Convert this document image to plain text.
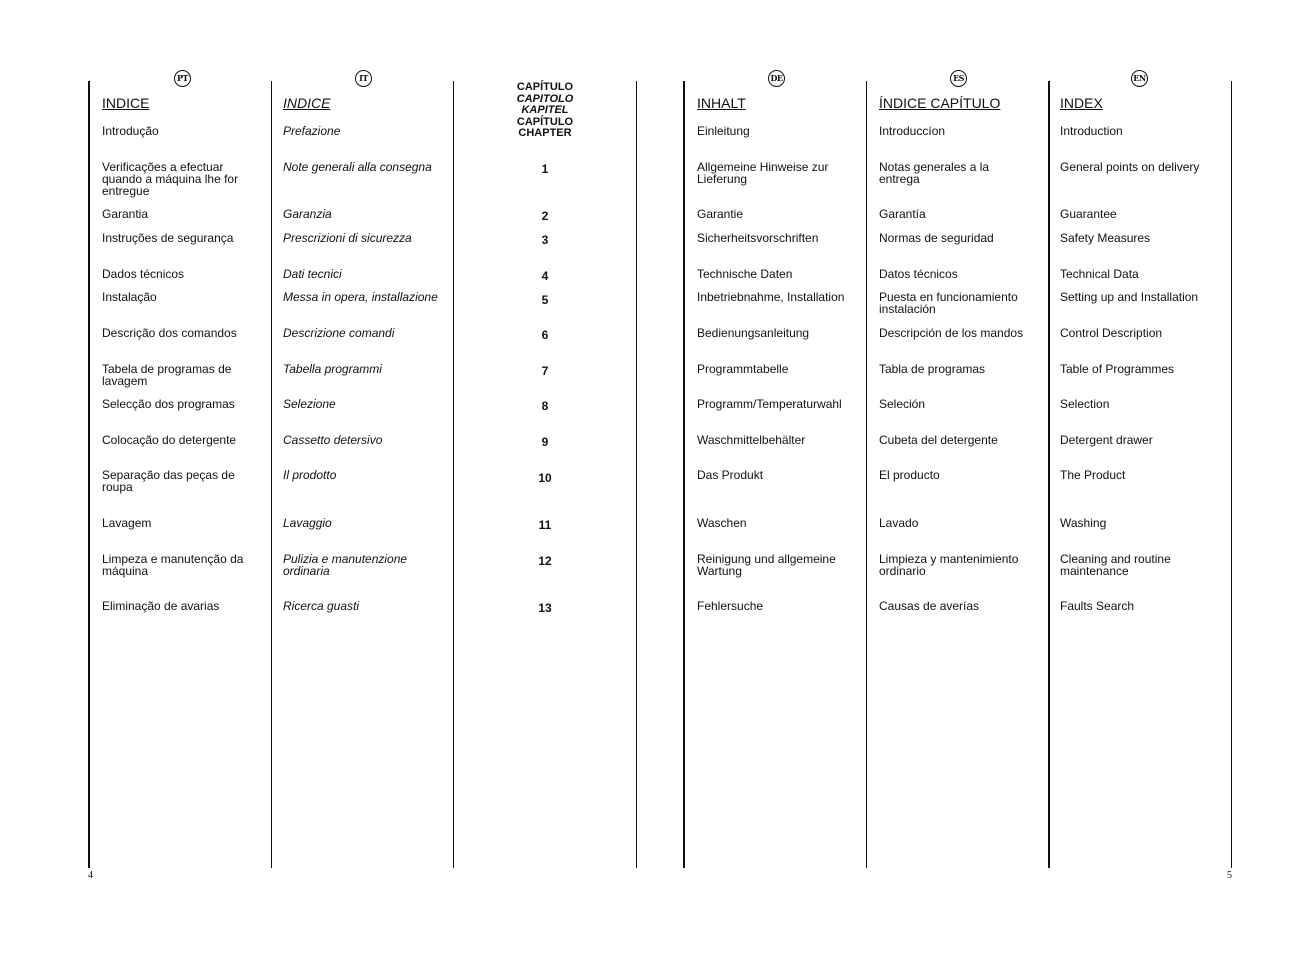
PT
INDICE
Introdução
Verificações a efectuar quando a máquina lhe for entregue
Garantia
Instruções de segurança
Dados técnicos
Instalação
Descrição dos comandos
Tabela de programas de lavagem
Selecção dos programas
Colocação do detergente
Separação das peças de roupa
Lavagem
Limpeza e manutenção da máquina
Eliminação de avarias
IT
INDICE
Prefazione
Note generali alla consegna
Garanzia
Prescrizioni di sicurezza
Dati tecnici
Messa in opera, installazione
Descrizione comandi
Tabella programmi
Selezione
Cassetto detersivo
Il prodotto
Lavaggio
Pulizia e manutenzione ordinaria
Ricerca guasti
CAPÍTULO
CAPITOLO
KAPITEL
CAPÍTULO
CHAPTER
1
2
3
4
5
6
7
8
9
10
11
12
13
DE
INHALT
Einleitung
Allgemeine Hinweise zur Lieferung
Garantie
Sicherheitsvorschriften
Technische Daten
Inbetriebnahme, Installation
Bedienungsanleitung
Programmtabelle
Programm/Temperaturwahl
Waschmittelbehälter
Das Produkt
Waschen
Reinigung und allgemeine Wartung
Fehlersuche
ES
ÍNDICE CAPÍTULO
Introduccíon
Notas generales a la entrega
Garantía
Normas de seguridad
Datos técnicos
Puesta en funcionamiento instalación
Descripción de los mandos
Tabla de programas
Seleción
Cubeta del detergente
El producto
Lavado
Limpieza y mantenimiento ordinario
Causas de averías
EN
INDEX
Introduction
General points on delivery
Guarantee
Safety Measures
Technical Data
Setting up and Installation
Control Description
Table of Programmes
Selection
Detergent drawer
The Product
Washing
Cleaning and routine maintenance
Faults Search
4	5
